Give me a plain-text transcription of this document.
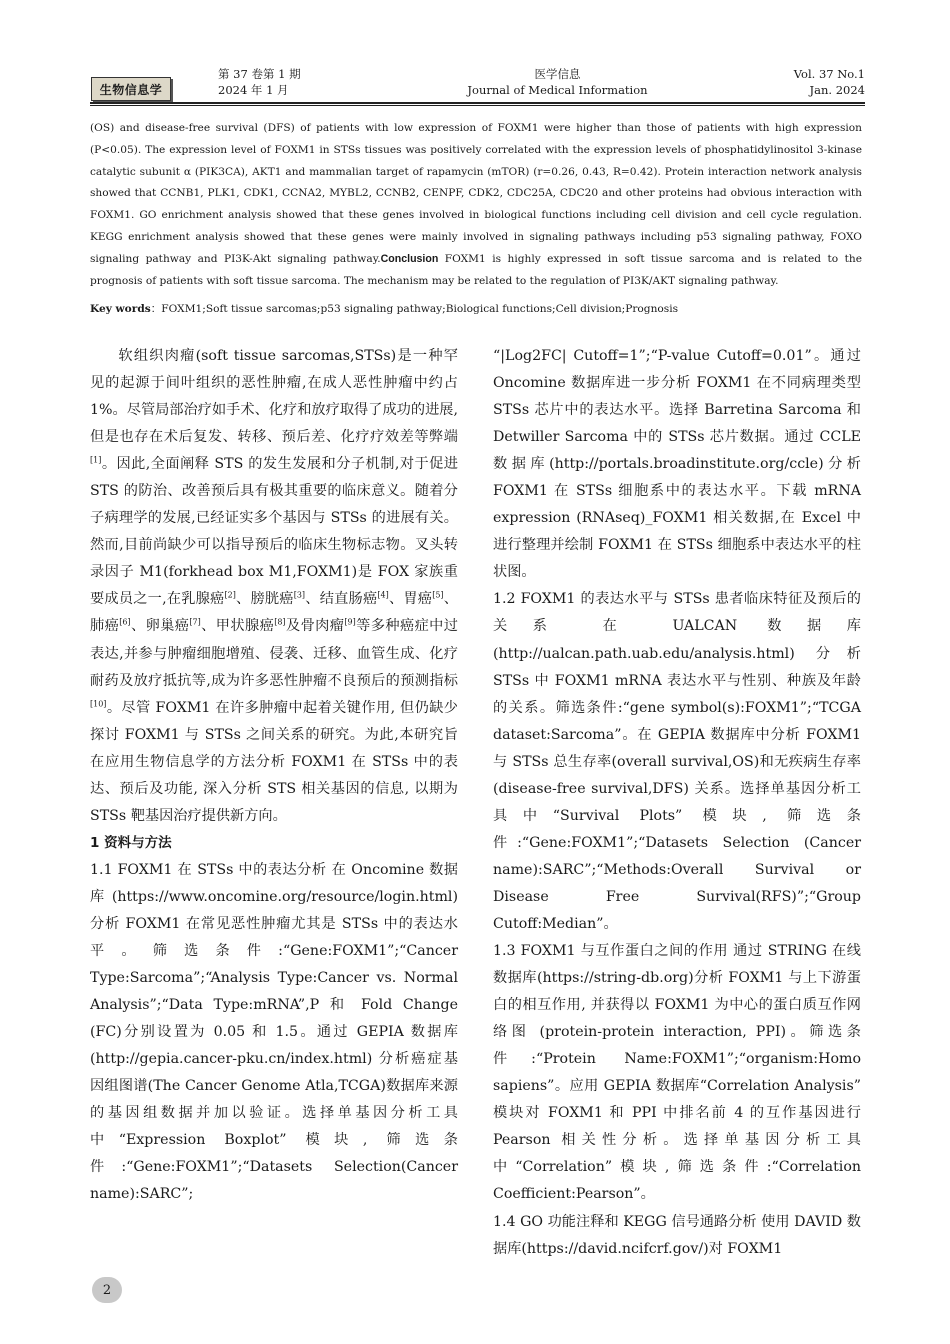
生物信息学
第 37 卷第 1 期
2024 年 1 月
医学信息
Journal of Medical Information
Vol. 37 No.1
Jan. 2024

(OS) and disease-free survival (DFS) of patients with low expression of FOXM1 were higher than those of patients with high expression (P<0.05). The expression level of FOXM1 in STSs tissues was positively correlated with the expression levels of phosphatidylinositol 3-kinase catalytic subunit α (PIK3CA), AKT1 and mammalian target of rapamycin (mTOR) (r=0.26, 0.43, R=0.42). Protein interaction network analysis showed that CCNB1, PLK1, CDK1, CCNA2, MYBL2, CCNB2, CENPF, CDK2, CDC25A, CDC20 and other proteins had obvious interaction with FOXM1. GO enrichment analysis showed that these genes involved in biological functions including cell division and cell cycle regulation. KEGG enrichment analysis showed that these genes were mainly involved in signaling pathways including p53 signaling pathway, FOXO signaling pathway and PI3K-Akt signaling pathway.Conclusion FOXM1 is highly expressed in soft tissue sarcoma and is related to the prognosis of patients with soft tissue sarcoma. The mechanism may be related to the regulation of PI3K/AKT signaling pathway.

Key words：FOXM1;Soft tissue sarcomas;p53 signaling pathway;Biological functions;Cell division;Prognosis

软组织肉瘤(soft tissue sarcomas,STSs)是一种罕见的起源于间叶组织的恶性肿瘤,在成人恶性肿瘤中约占 1%。尽管局部治疗如手术、化疗和放疗取得了成功的进展,但是也存在术后复发、转移、预后差、化疗疗效差等弊端[1]。因此,全面阐释 STS 的发生发展和分子机制,对于促进 STS 的防治、改善预后具有极其重要的临床意义。随着分子病理学的发展,已经证实多个基因与 STSs 的进展有关。然而,目前尚缺少可以指导预后的临床生物标志物。叉头转录因子 M1(forkhead box M1,FOXM1)是 FOX 家族重要成员之一,在乳腺癌[2]、膀胱癌[3]、结直肠癌[4]、胃癌[5]、肺癌[6]、卵巢癌[7]、甲状腺癌[8]及骨肉瘤[9]等多种癌症中过表达,并参与肿瘤细胞增殖、侵袭、迁移、血管生成、化疗耐药及放疗抵抗等,成为许多恶性肿瘤不良预后的预测指标[10]。尽管 FOXM1 在许多肿瘤中起着关键作用, 但仍缺少探讨 FOXM1 与 STSs 之间关系的研究。为此,本研究旨在应用生物信息学的方法分析 FOXM1 在 STSs 中的表达、预后及功能, 深入分析 STS 相关基因的信息, 以期为 STSs 靶基因治疗提供新方向。

1 资料与方法

1.1 FOXM1 在 STSs 中的表达分析 在 Oncomine 数据库(https://www.oncomine.org/resource/login.html)分析 FOXM1 在常见恶性肿瘤尤其是 STSs 中的表达水平。筛选条件:“Gene:FOXM1”;“Cancer Type:Sarcoma”;“Analysis Type:Cancer vs. Normal Analysis”;“Data Type:mRNA”,P 和 Fold Change (FC)分别设置为 0.05 和 1.5。通过 GEPIA 数据库(http://gepia.cancer-pku.cn/index.html) 分析癌症基因组图谱(The Cancer Genome Atla,TCGA)数据库来源的基因组数据并加以验证。选择单基因分析工具中“Expression Boxplot” 模块, 筛选条件:“Gene:FOXM1”;“Datasets Selection(Cancer name):SARC”;

“|Log2FC| Cutoff=1”;“P-value Cutoff=0.01”。通过 Oncomine 数据库进一步分析 FOXM1 在不同病理类型 STSs 芯片中的表达水平。选择 Barretina Sarcoma 和 Detwiller Sarcoma 中的 STSs 芯片数据。通过 CCLE 数据库(http://portals.broadinstitute.org/ccle)分析 FOXM1 在 STSs 细胞系中的表达水平。下载 mRNA expression (RNAseq)_FOXM1 相关数据,在 Excel 中进行整理并绘制 FOXM1 在 STSs 细胞系中表达水平的柱状图。

1.2 FOXM1 的表达水平与 STSs 患者临床特征及预后的关系 在 UALCAN 数据库(http://ualcan.path.uab.edu/analysis.html) 分析 STSs 中 FOXM1 mRNA 表达水平与性别、种族及年龄的关系。筛选条件:“gene symbol(s):FOXM1”;“TCGA dataset:Sarcoma”。在 GEPIA 数据库中分析 FOXM1 与 STSs 总生存率(overall survival,OS)和无疾病生存率(disease-free survival,DFS) 关系。选择单基因分析工具中“Survival Plots” 模块, 筛选条件:“Gene:FOXM1”;“Datasets Selection (Cancer name):SARC”;“Methods:Overall Survival or Disease Free Survival(RFS)”;“Group Cutoff:Median”。

1.3 FOXM1 与互作蛋白之间的作用 通过 STRING 在线数据库(https://string-db.org)分析 FOXM1 与上下游蛋白的相互作用, 并获得以 FOXM1 为中心的蛋白质互作网络图 (protein-protein interaction, PPI)。筛选条件:“Protein Name:FOXM1”;“organism:Homo sapiens”。应用 GEPIA 数据库“Correlation Analysis” 模块对 FOXM1 和 PPI 中排名前 4 的互作基因进行 Pearson 相关性分析。选择单基因分析工具中“Correlation”模块,筛选条件:“Correlation Coefficient:Pearson”。

1.4 GO 功能注释和 KEGG 信号通路分析 使用 DAVID 数据库(https://david.ncifcrf.gov/)对 FOXM1

2
